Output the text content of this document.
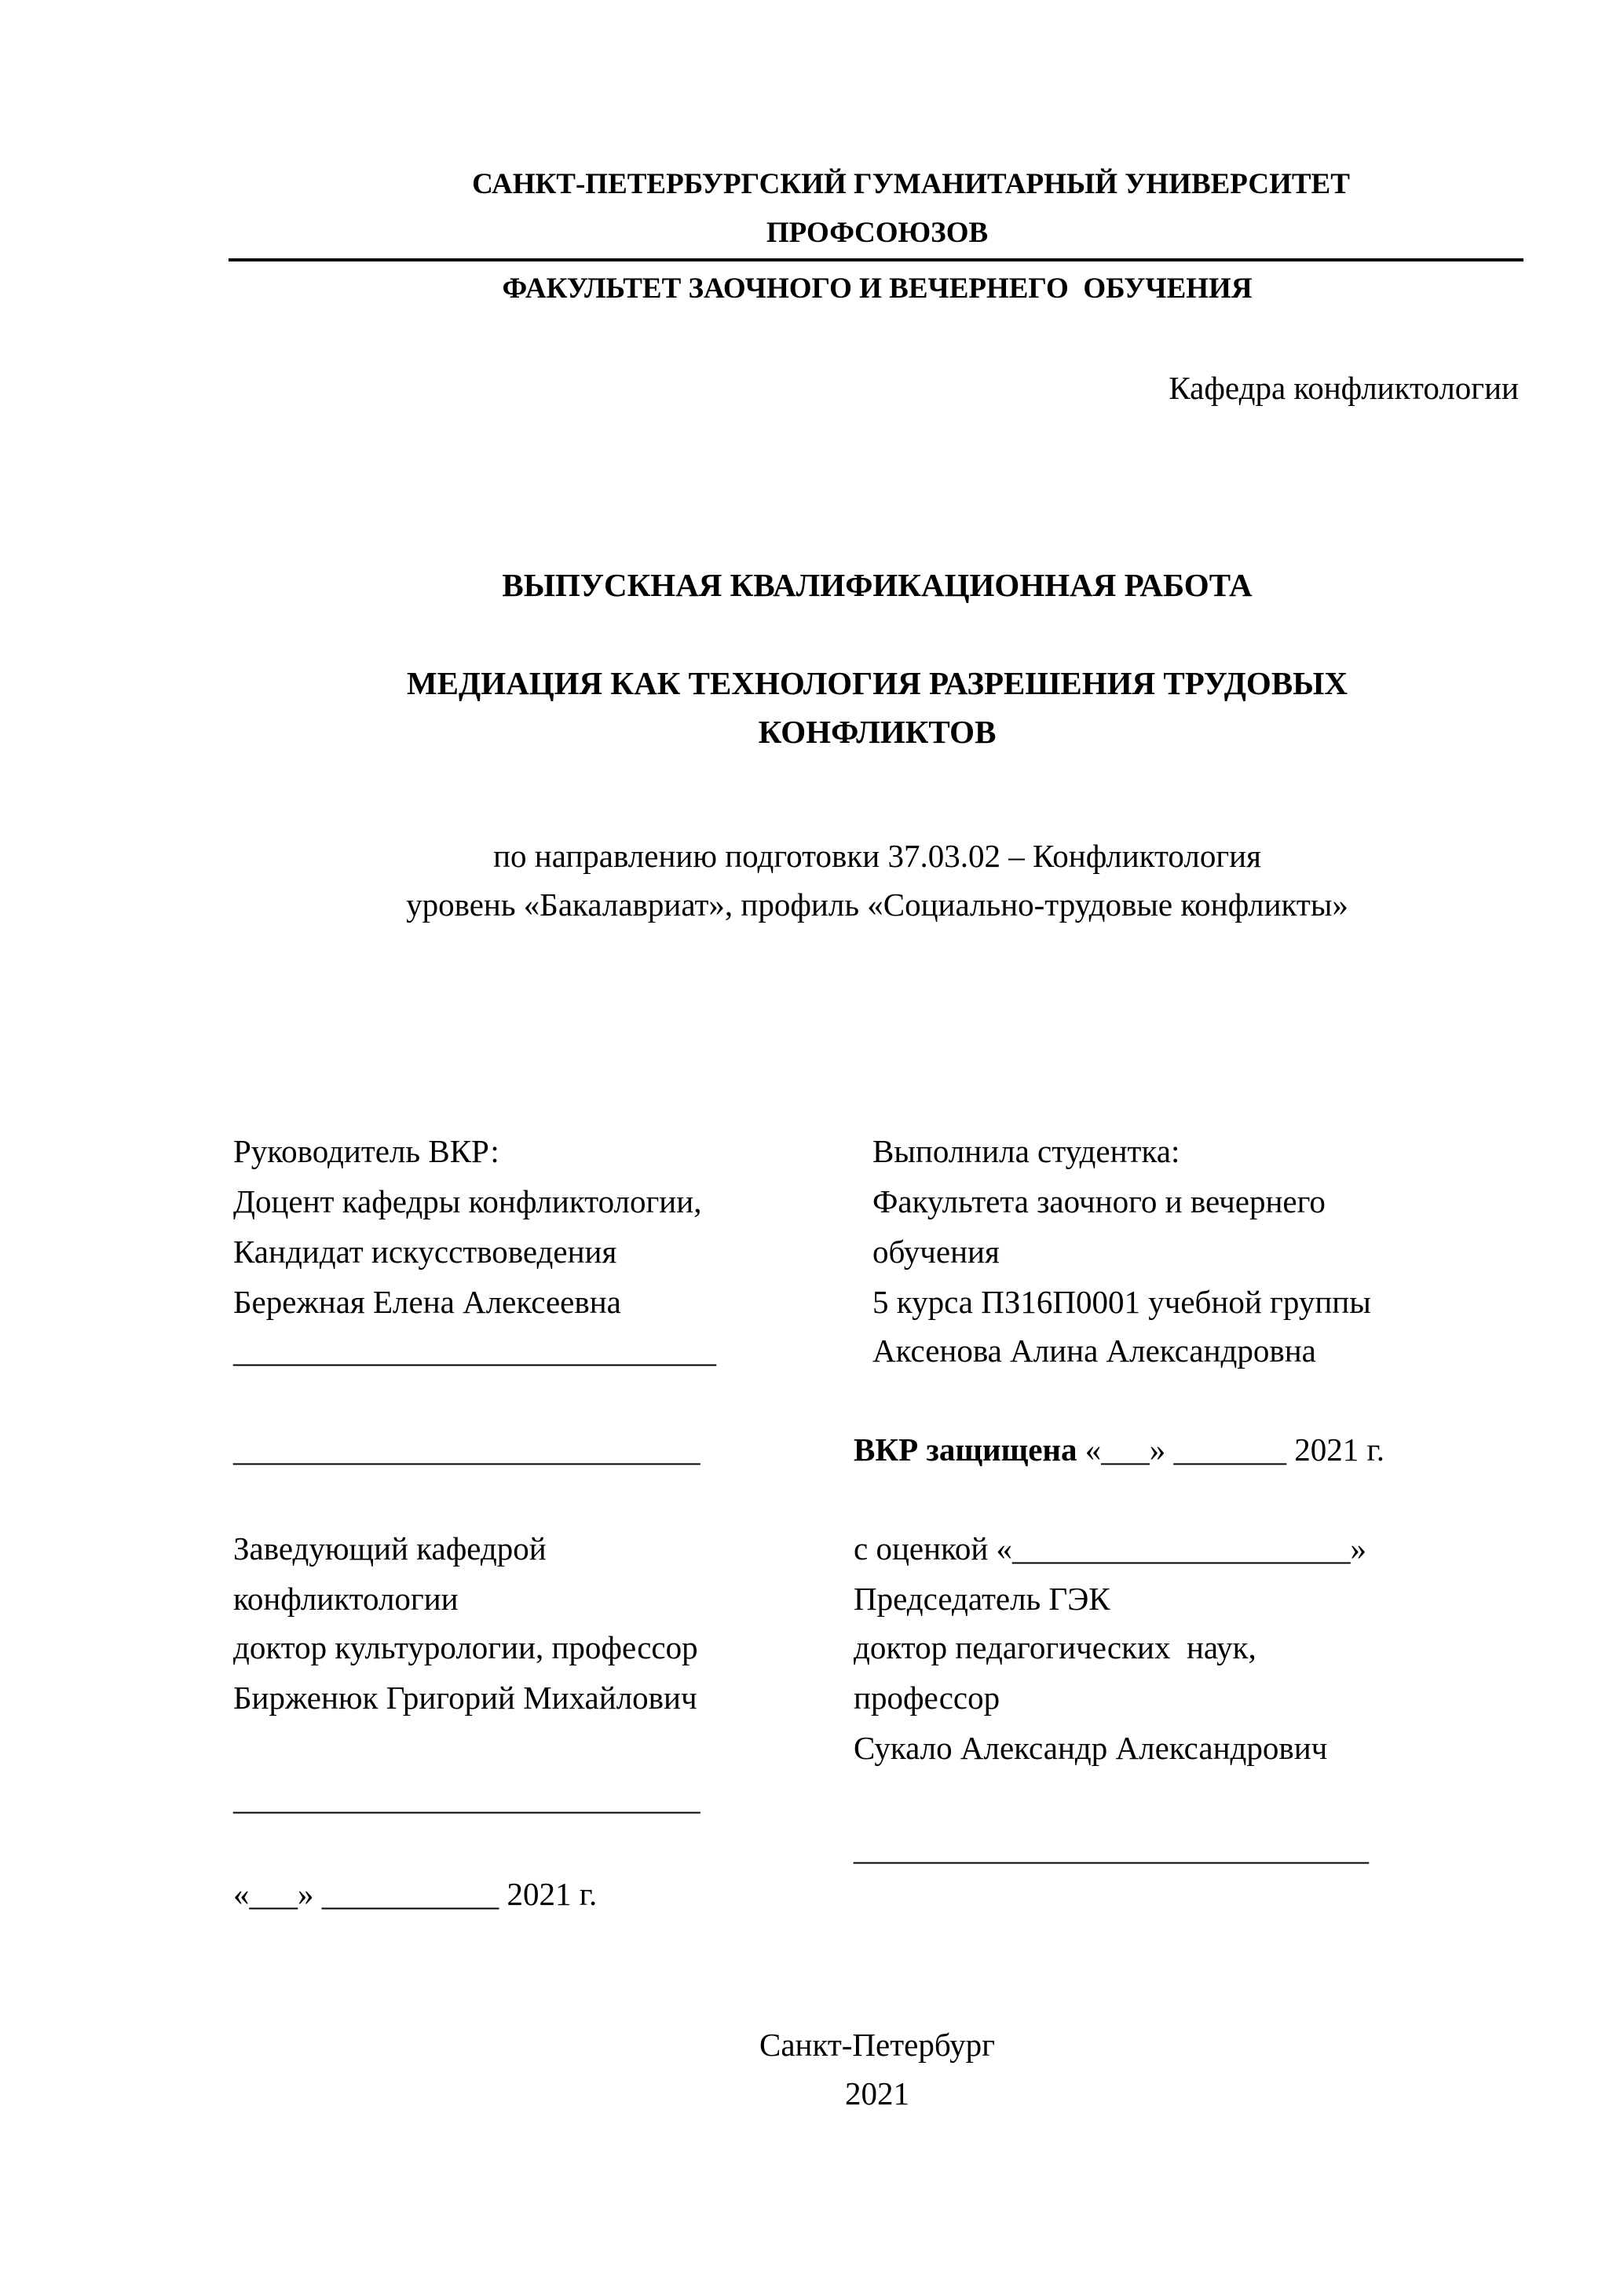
САНКТ-ПЕТЕРБУРГСКИЙ ГУМАНИТАРНЫЙ УНИВЕРСИТЕТ
ПРОФСОЮЗОВ
ФАКУЛЬТЕТ ЗАОЧНОГО И ВЕЧЕРНЕГО  ОБУЧЕНИЯ
Кафедра конфликтологии
ВЫПУСКНАЯ КВАЛИФИКАЦИОННАЯ РАБОТА
МЕДИАЦИЯ КАК ТЕХНОЛОГИЯ РАЗРЕШЕНИЯ ТРУДОВЫХ
КОНФЛИКТОВ
по направлению подготовки 37.03.02 – Конфликтология
уровень «Бакалавриат», профиль «Социально-трудовые конфликты»
Руководитель ВКР:
Доцент кафедры конфликтологии,
Кандидат искусствоведения
Бережная Елена Алексеевна
______________________________
_____________________________
Выполнила студентка:
Факультета заочного и вечернего
обучения
5 курса ПЗ16П0001 учебной группы
Аксенова Алина Александровна
ВКР защищена «___» _______ 2021 г.
Заведующий кафедрой
конфликтологии
доктор культурологии, профессор
Бирженюк Григорий Михайлович
_____________________________
«___» ___________ 2021 г.
с оценкой «_____________________»
Председатель ГЭК
доктор педагогических  наук,
профессор
Сукало Александр Александрович
________________________________
Санкт-Петербург
2021
